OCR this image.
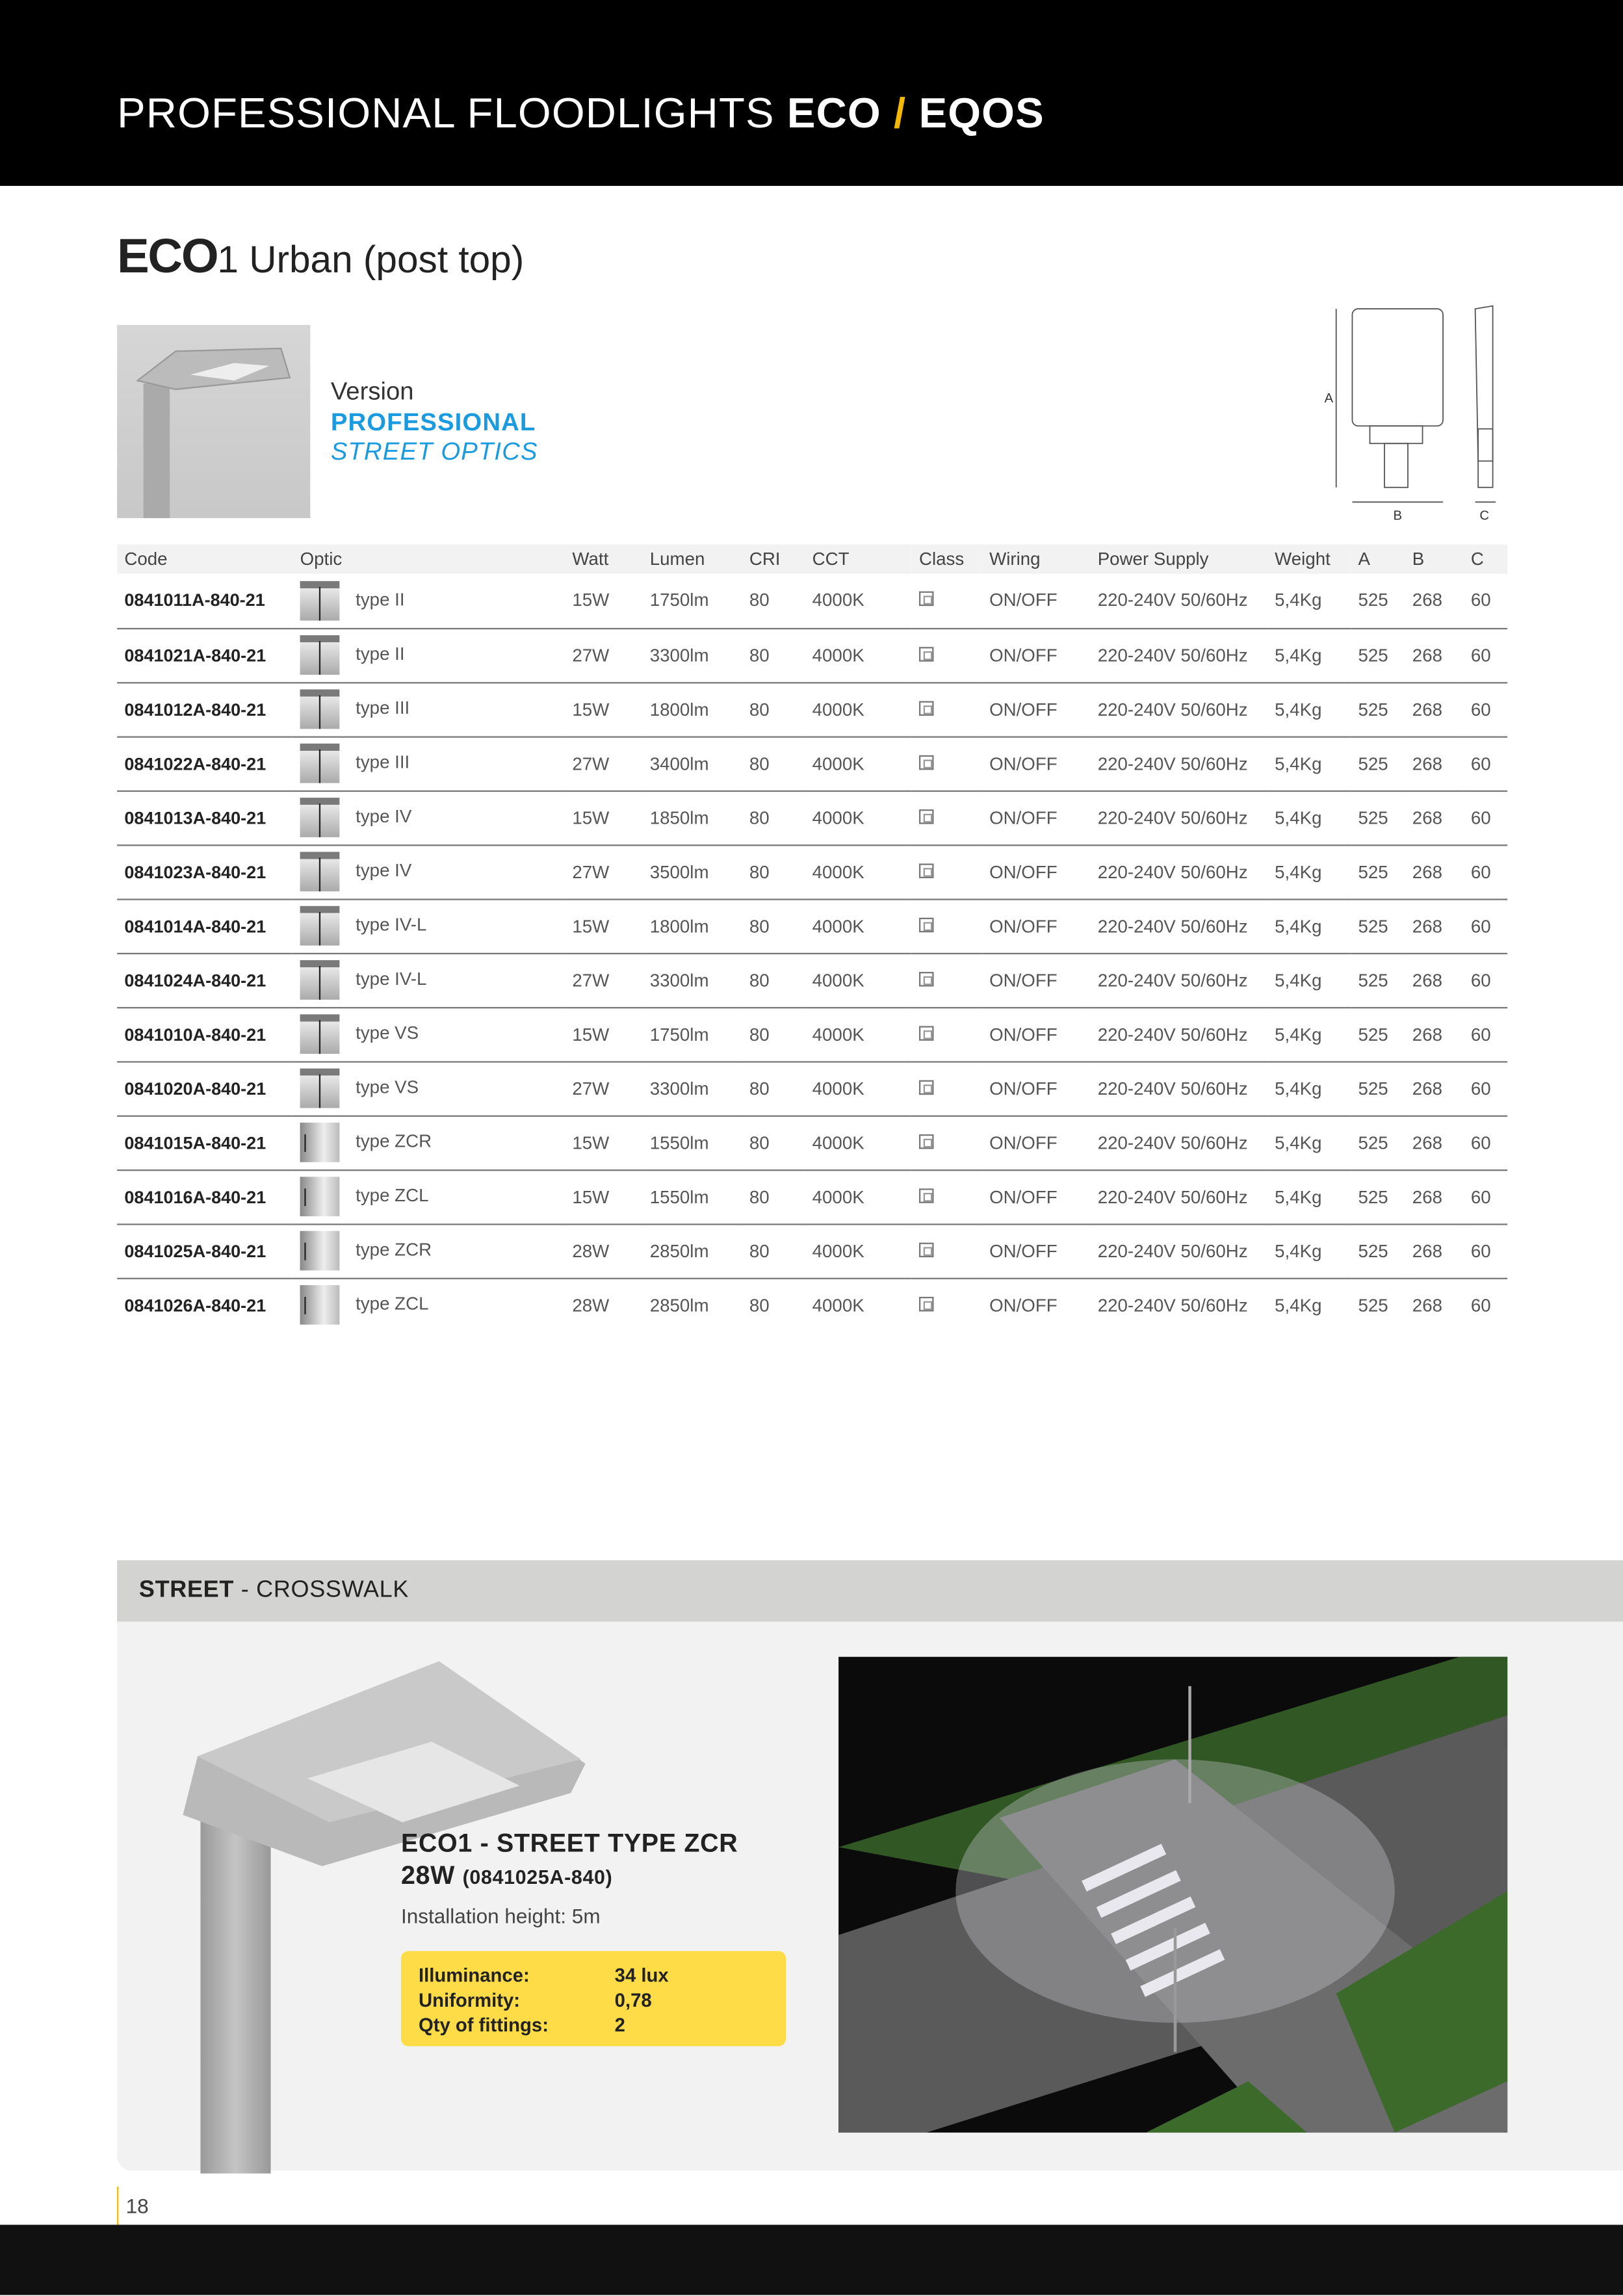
PROFESSIONAL FLOODLIGHTS ECO / EQOS
ECO1 Urban (post top)
Version
PROFESSIONAL
STREET OPTICS
A
B	C
Code	Optic	Watt	Lumen	CRI	CCT	Class	Wiring	Power Supply	Weight	A	B	C
0841011A-840-21	type II	15W	1750lm	80	4000K		ON/OFF	220-240V 50/60Hz	5,4Kg	525	268	60
0841021A-840-21	type II	27W	3300lm	80	4000K		ON/OFF	220-240V 50/60Hz	5,4Kg	525	268	60
0841012A-840-21	type III	15W	1800lm	80	4000K		ON/OFF	220-240V 50/60Hz	5,4Kg	525	268	60
0841022A-840-21	type III	27W	3400lm	80	4000K		ON/OFF	220-240V 50/60Hz	5,4Kg	525	268	60
0841013A-840-21	type IV	15W	1850lm	80	4000K		ON/OFF	220-240V 50/60Hz	5,4Kg	525	268	60
0841023A-840-21	type IV	27W	3500lm	80	4000K		ON/OFF	220-240V 50/60Hz	5,4Kg	525	268	60
0841014A-840-21	type IV-L	15W	1800lm	80	4000K		ON/OFF	220-240V 50/60Hz	5,4Kg	525	268	60
0841024A-840-21	type IV-L	27W	3300lm	80	4000K		ON/OFF	220-240V 50/60Hz	5,4Kg	525	268	60
0841010A-840-21	type VS	15W	1750lm	80	4000K		ON/OFF	220-240V 50/60Hz	5,4Kg	525	268	60
0841020A-840-21	type VS	27W	3300lm	80	4000K		ON/OFF	220-240V 50/60Hz	5,4Kg	525	268	60
0841015A-840-21	type ZCR	15W	1550lm	80	4000K		ON/OFF	220-240V 50/60Hz	5,4Kg	525	268	60
0841016A-840-21	type ZCL	15W	1550lm	80	4000K		ON/OFF	220-240V 50/60Hz	5,4Kg	525	268	60
0841025A-840-21	type ZCR	28W	2850lm	80	4000K		ON/OFF	220-240V 50/60Hz	5,4Kg	525	268	60
0841026A-840-21	type ZCL	28W	2850lm	80	4000K		ON/OFF	220-240V 50/60Hz	5,4Kg	525	268	60
STREET - CROSSWALK
ECO1 - STREET TYPE ZCR
28W (0841025A-840)
Installation height: 5m
Illuminance:	34 lux
Uniformity:	0,78
Qty of fittings:	2
18
